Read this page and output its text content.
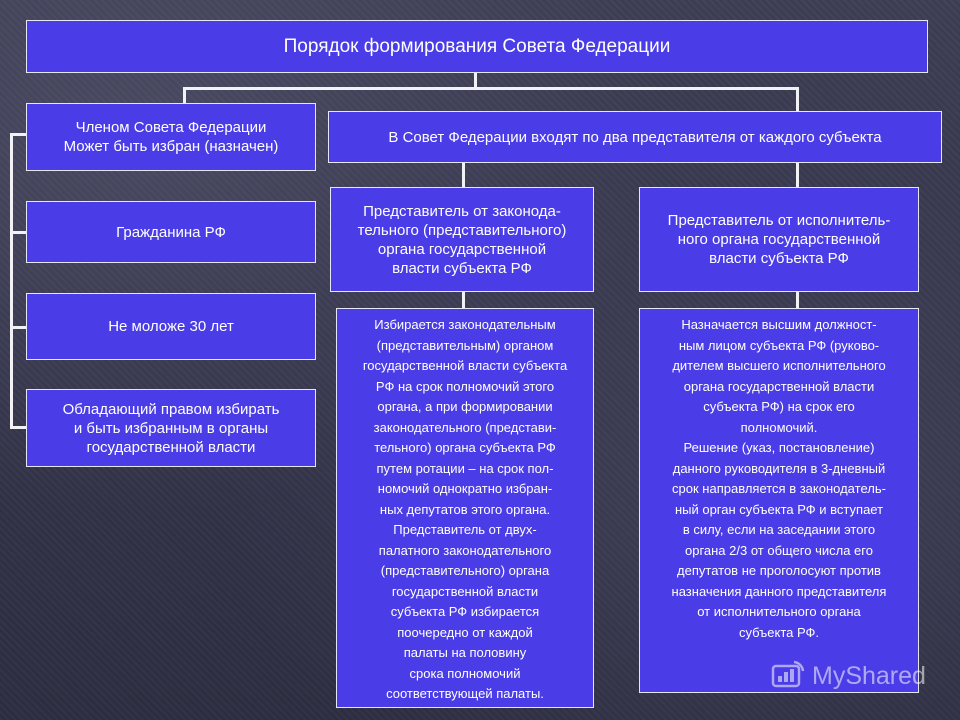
Порядок формирования Совета Федерации
Членом Совета Федерации
Может быть избран (назначен)
Гражданина РФ
Не моложе 30 лет
Обладающий правом избирать
и быть избранным в органы
государственной власти
В Совет Федерации входят по два представителя от каждого субъекта
Представитель от законода-
тельного (представительного)
органа государственной
власти субъекта РФ
Представитель от исполнитель-
ного органа государственной
власти субъекта РФ
Избирается законодательным
(представительным) органом
государственной власти субъекта
РФ на срок полномочий этого
органа, а при формировании
законодательного (представи-
тельного) органа субъекта РФ
путем ротации – на срок пол-
номочий однократно избран-
ных депутатов этого органа.
Представитель от двух-
палатного законодательного
(представительного) органа
государственной власти
субъекта РФ избирается
поочередно от каждой
палаты на половину
срока полномочий
соответствующей палаты.
Назначается высшим должност-
ным лицом субъекта РФ (руково-
дителем высшего исполнительного
органа государственной власти
субъекта РФ) на срок его
полномочий.
Решение (указ, постановление)
данного руководителя в 3-дневный
срок направляется в законодатель-
ный орган субъекта РФ и вступает
в силу, если на заседании этого
органа 2/3 от общего числа его
депутатов не проголосуют против
назначения данного представителя
от исполнительного органа
субъекта РФ.
MyShared
